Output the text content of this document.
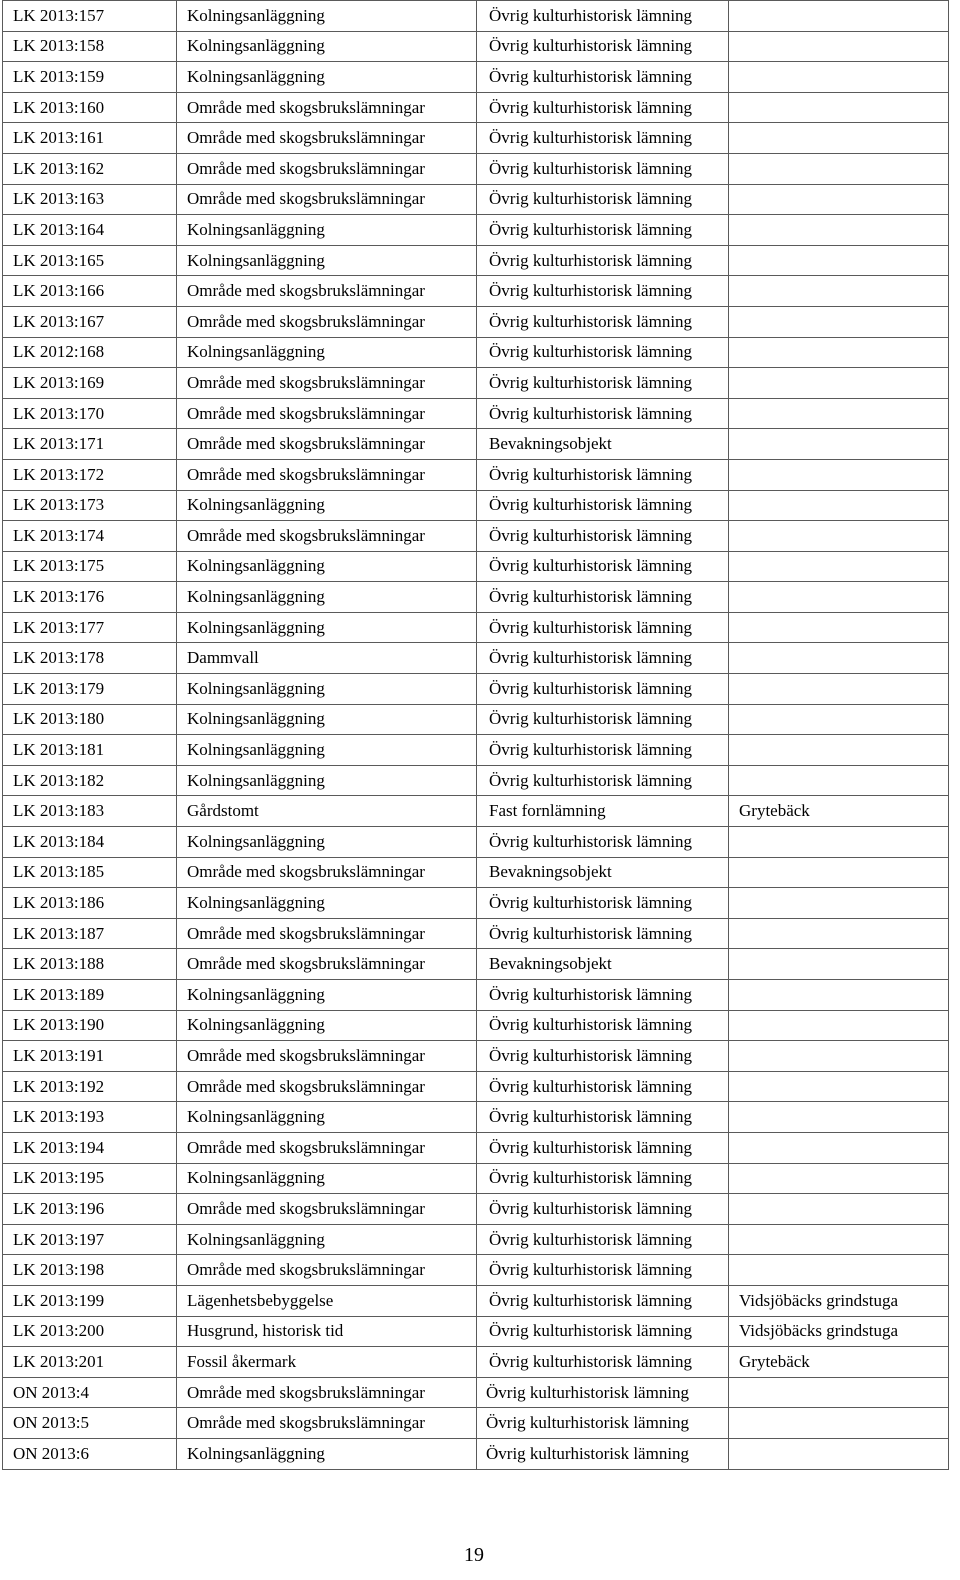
LK 2013:157	Kolningsanläggning	Övrig kulturhistorisk lämning	
LK 2013:158	Kolningsanläggning	Övrig kulturhistorisk lämning	
LK 2013:159	Kolningsanläggning	Övrig kulturhistorisk lämning	
LK 2013:160	Område med skogsbrukslämningar	Övrig kulturhistorisk lämning	
LK 2013:161	Område med skogsbrukslämningar	Övrig kulturhistorisk lämning	
LK 2013:162	Område med skogsbrukslämningar	Övrig kulturhistorisk lämning	
LK 2013:163	Område med skogsbrukslämningar	Övrig kulturhistorisk lämning	
LK 2013:164	Kolningsanläggning	Övrig kulturhistorisk lämning	
LK 2013:165	Kolningsanläggning	Övrig kulturhistorisk lämning	
LK 2013:166	Område med skogsbrukslämningar	Övrig kulturhistorisk lämning	
LK 2013:167	Område med skogsbrukslämningar	Övrig kulturhistorisk lämning	
LK 2012:168	Kolningsanläggning	Övrig kulturhistorisk lämning	
LK 2013:169	Område med skogsbrukslämningar	Övrig kulturhistorisk lämning	
LK 2013:170	Område med skogsbrukslämningar	Övrig kulturhistorisk lämning	
LK 2013:171	Område med skogsbrukslämningar	Bevakningsobjekt	
LK 2013:172	Område med skogsbrukslämningar	Övrig kulturhistorisk lämning	
LK 2013:173	Kolningsanläggning	Övrig kulturhistorisk lämning	
LK 2013:174	Område med skogsbrukslämningar	Övrig kulturhistorisk lämning	
LK 2013:175	Kolningsanläggning	Övrig kulturhistorisk lämning	
LK 2013:176	Kolningsanläggning	Övrig kulturhistorisk lämning	
LK 2013:177	Kolningsanläggning	Övrig kulturhistorisk lämning	
LK 2013:178	Dammvall	Övrig kulturhistorisk lämning	
LK 2013:179	Kolningsanläggning	Övrig kulturhistorisk lämning	
LK 2013:180	Kolningsanläggning	Övrig kulturhistorisk lämning	
LK 2013:181	Kolningsanläggning	Övrig kulturhistorisk lämning	
LK 2013:182	Kolningsanläggning	Övrig kulturhistorisk lämning	
LK 2013:183	Gårdstomt	Fast fornlämning	Grytebäck
LK 2013:184	Kolningsanläggning	Övrig kulturhistorisk lämning	
LK 2013:185	Område med skogsbrukslämningar	Bevakningsobjekt	
LK 2013:186	Kolningsanläggning	Övrig kulturhistorisk lämning	
LK 2013:187	Område med skogsbrukslämningar	Övrig kulturhistorisk lämning	
LK 2013:188	Område med skogsbrukslämningar	Bevakningsobjekt	
LK 2013:189	Kolningsanläggning	Övrig kulturhistorisk lämning	
LK 2013:190	Kolningsanläggning	Övrig kulturhistorisk lämning	
LK 2013:191	Område med skogsbrukslämningar	Övrig kulturhistorisk lämning	
LK 2013:192	Område med skogsbrukslämningar	Övrig kulturhistorisk lämning	
LK 2013:193	Kolningsanläggning	Övrig kulturhistorisk lämning	
LK 2013:194	Område med skogsbrukslämningar	Övrig kulturhistorisk lämning	
LK 2013:195	Kolningsanläggning	Övrig kulturhistorisk lämning	
LK 2013:196	Område med skogsbrukslämningar	Övrig kulturhistorisk lämning	
LK 2013:197	Kolningsanläggning	Övrig kulturhistorisk lämning	
LK 2013:198	Område med skogsbrukslämningar	Övrig kulturhistorisk lämning	
LK 2013:199	Lägenhetsbebyggelse	Övrig kulturhistorisk lämning	Vidsjöbäcks grindstuga
LK 2013:200	Husgrund, historisk tid	Övrig kulturhistorisk lämning	Vidsjöbäcks grindstuga
LK 2013:201	Fossil åkermark	Övrig kulturhistorisk lämning	Grytebäck
ON 2013:4	Område med skogsbrukslämningar	Övrig kulturhistorisk lämning	
ON 2013:5	Område med skogsbrukslämningar	Övrig kulturhistorisk lämning	
ON 2013:6	Kolningsanläggning	Övrig kulturhistorisk lämning	
19
